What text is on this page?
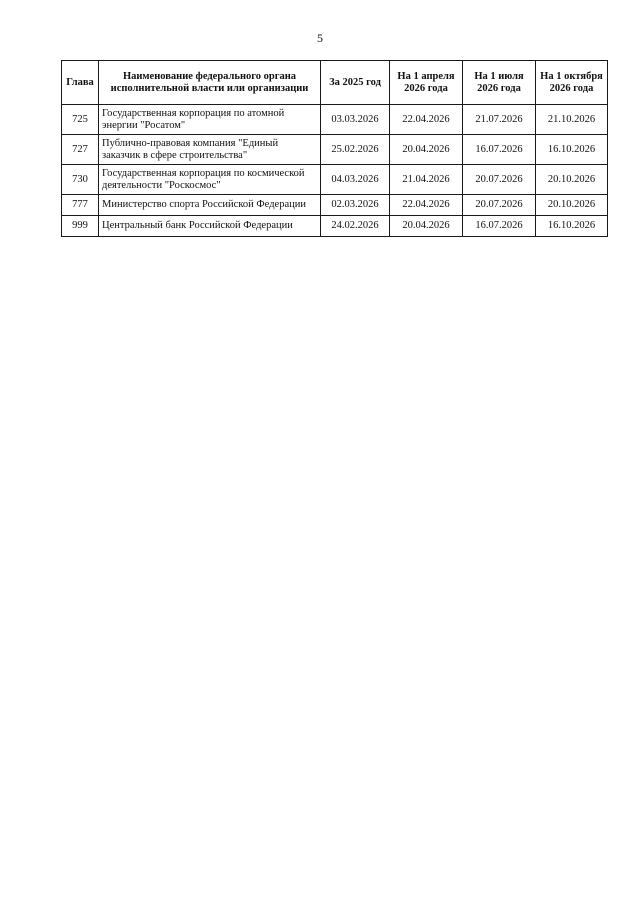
5
Глава	Наименование федерального органа исполнительной власти или организации	За 2025 год	На 1 апреля 2026 года	На 1 июля 2026 года	На 1 октября 2026 года
725	Государственная корпорация по атомной энергии "Росатом"	03.03.2026	22.04.2026	21.07.2026	21.10.2026
727	Публично-правовая компания "Единый заказчик в сфере строительства"	25.02.2026	20.04.2026	16.07.2026	16.10.2026
730	Государственная корпорация по космической деятельности "Роскосмос"	04.03.2026	21.04.2026	20.07.2026	20.10.2026
777	Министерство спорта Российской Федерации	02.03.2026	22.04.2026	20.07.2026	20.10.2026
999	Центральный банк Российской Федерации	24.02.2026	20.04.2026	16.07.2026	16.10.2026
